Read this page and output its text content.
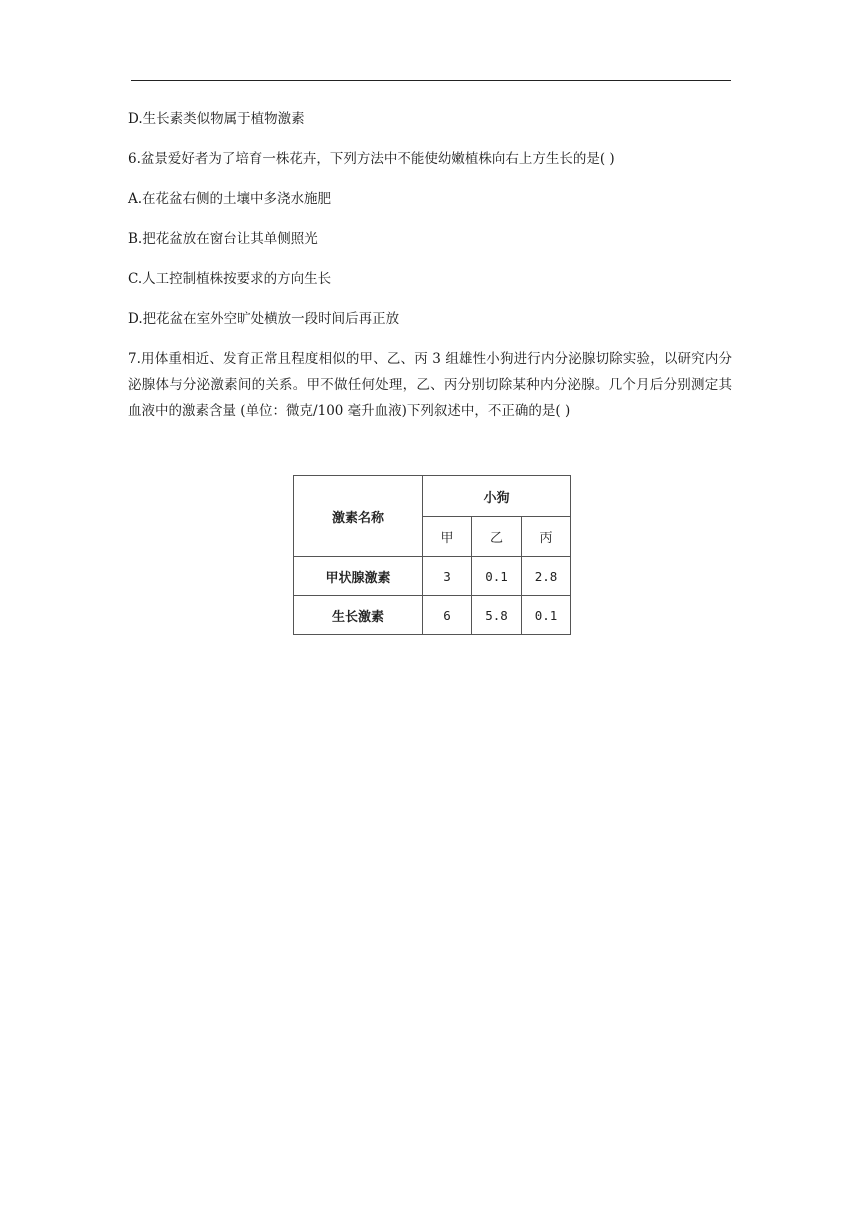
D.生长素类似物属于植物激素
6.盆景爱好者为了培育一株花卉，下列方法中不能使幼嫩植株向右上方生长的是( )
A.在花盆右侧的土壤中多浇水施肥
B.把花盆放在窗台让其单侧照光
C.人工控制植株按要求的方向生长
D.把花盆在室外空旷处横放一段时间后再正放
7.用体重相近、发育正常且程度相似的甲、乙、丙 3 组雄性小狗进行内分泌腺切除实验，以研究内分泌腺体与分泌激素间的关系。甲不做任何处理，乙、丙分别切除某种内分泌腺。几个月后分别测定其血液中的激素含量 (单位：微克/100 毫升血液)下列叙述中，不正确的是( )
激素名称	小狗		
	甲	乙	丙
甲状腺激素	3	0.1	2.8
生长激素	6	5.8	0.1
